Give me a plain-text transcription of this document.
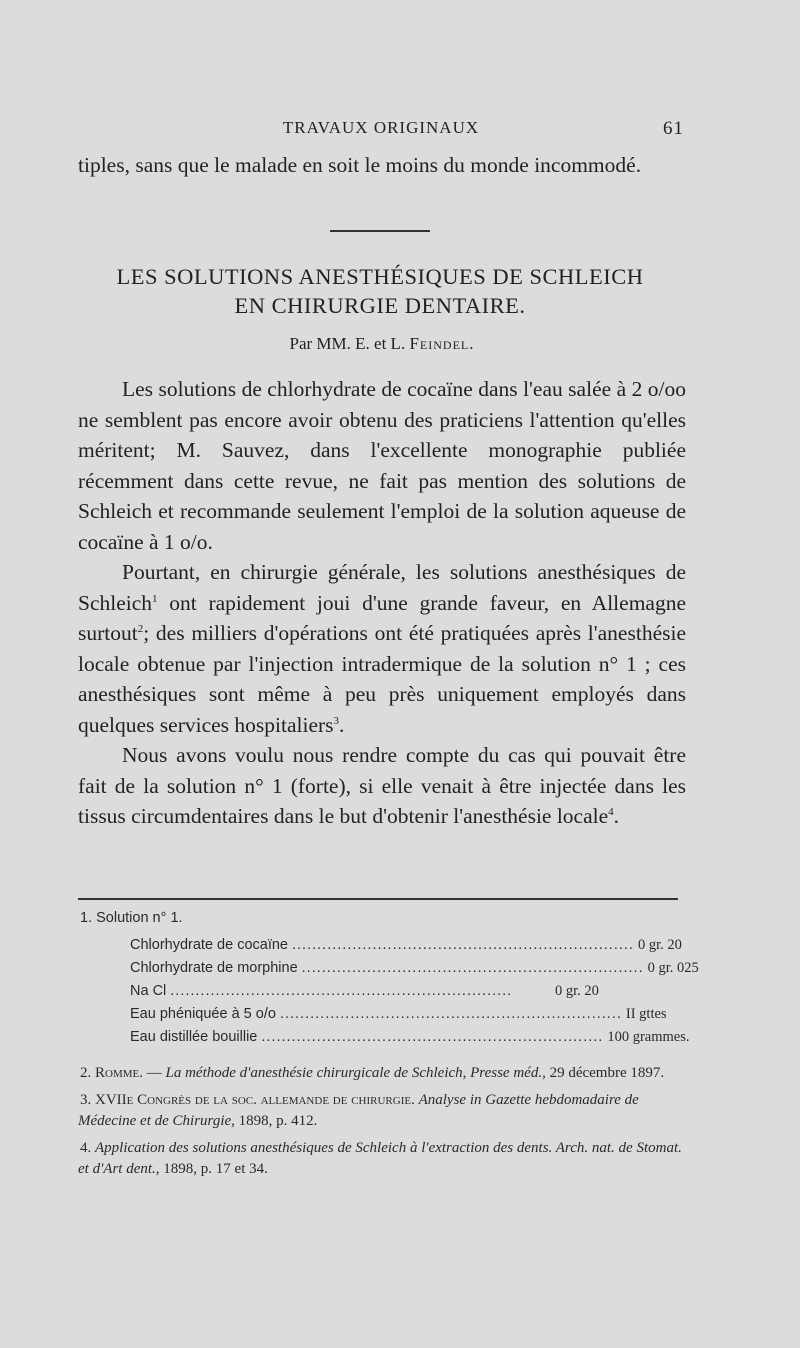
TRAVAUX ORIGINAUX	61

tiples, sans que le malade en soit le moins du monde incommodé.

LES SOLUTIONS ANESTHÉSIQUES DE SCHLEICH
EN CHIRURGIE DENTAIRE.
Par MM. E. et L. Feindel.

Les solutions de chlorhydrate de cocaïne dans l'eau salée à 2 o/oo ne semblent pas encore avoir obtenu des praticiens l'attention qu'elles méritent; M. Sauvez, dans l'excellente monographie publiée récemment dans cette revue, ne fait pas mention des solutions de Schleich et recommande seulement l'emploi de la solution aqueuse de cocaïne à 1 o/o.

Pourtant, en chirurgie générale, les solutions anesthésiques de Schleich$^1$ ont rapidement joui d'une grande faveur, en Allemagne surtout$^2$; des milliers d'opérations ont été pratiquées après l'anesthésie locale obtenue par l'injection intradermique de la solution n° 1 ; ces anesthésiques sont même à peu près uniquement employés dans quelques services hospitaliers$^3$.

Nous avons voulu nous rendre compte du cas qui pouvait être fait de la solution n° 1 (forte), si elle venait à être injectée dans les tissus circumdentaires dans le but d'obtenir l'anesthésie locale$^4$.

1. Solution n° 1.
Chlorhydrate de cocaïne .................................................................... 0 gr. 20
Chlorhydrate de morphine .................................................................... 0 gr. 025
Na Cl ....................................................................	0 gr. 20
Eau phéniquée à 5 o/o .................................................................... II gttes
Eau distillée bouillie .................................................................... 100 grammes.
2. Romme. — La méthode d'anesthésie chirurgicale de Schleich, Presse méd., 29 décembre 1897.
3. XVIIe Congrès de la soc. allemande de chirurgie. Analyse in Gazette hebdomadaire de Médecine et de Chirurgie, 1898, p. 412.
4. Application des solutions anesthésiques de Schleich à l'extraction des dents. Arch. nat. de Stomat. et d'Art dent., 1898, p. 17 et 34.
